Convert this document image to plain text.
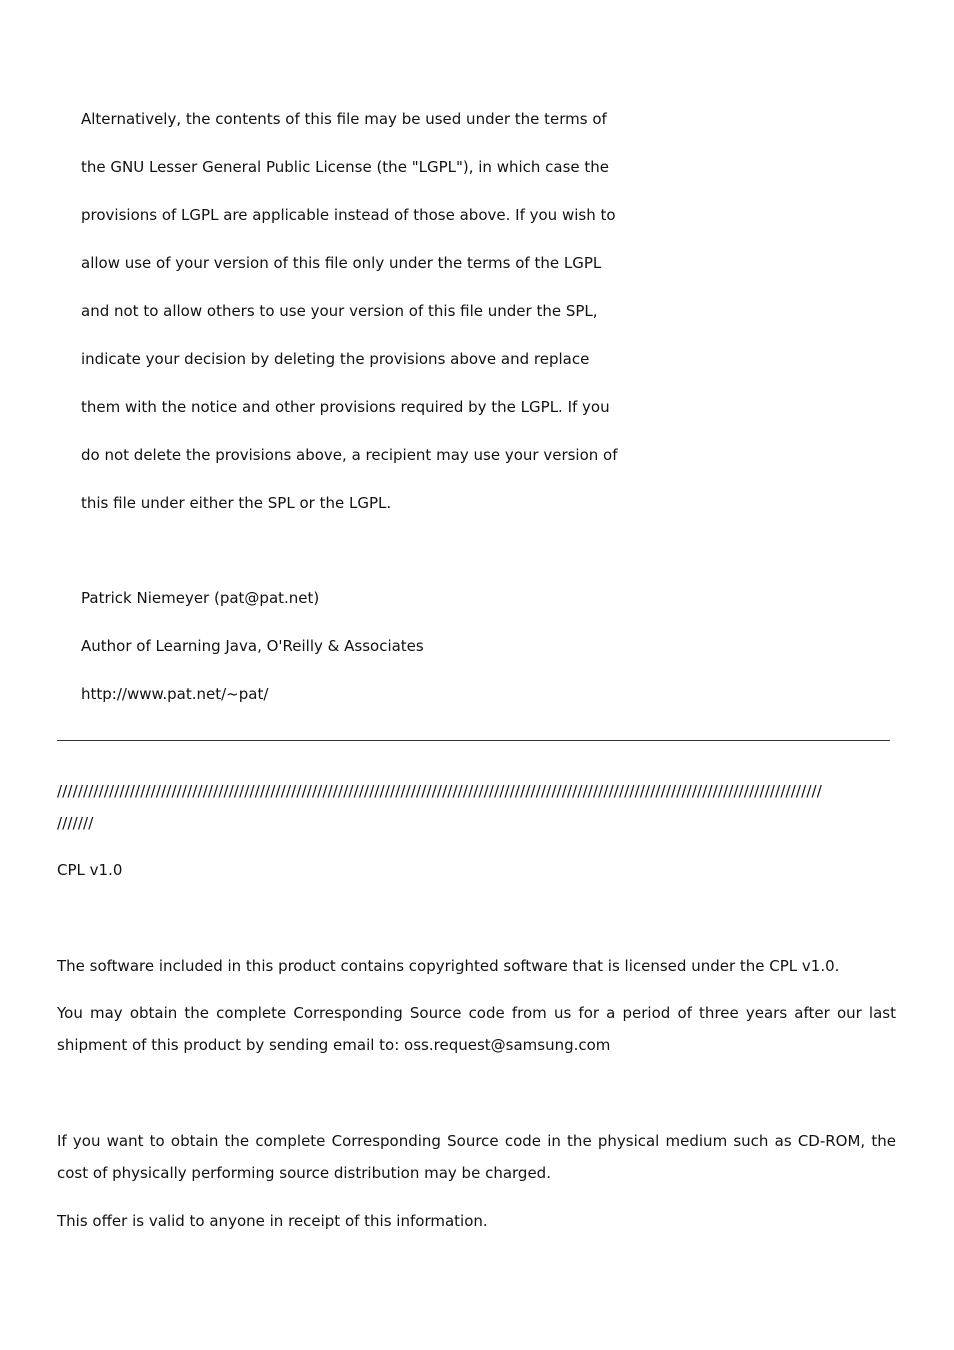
Alternatively, the contents of this file may be used under the terms of
the GNU Lesser General Public License (the "LGPL"), in which case the
provisions of LGPL are applicable instead of those above. If you wish to
allow use of your version of this file only under the terms of the LGPL
and not to allow others to use your version of this file under the SPL,
indicate your decision by deleting the provisions above and replace
them with the notice and other provisions required by the LGPL. If you
do not delete the provisions above, a recipient may use your version of
this file under either the SPL or the LGPL.
Patrick Niemeyer (pat@pat.net)
Author of Learning Java, O'Reilly & Associates
http://www.pat.net/~pat/
///////////////////////////////////////////////////////////////////////////////////////////////////////////////////////////////////////////////////
///////
CPL v1.0
The software included in this product contains copyrighted software that is licensed under the CPL v1.0.
You may obtain the complete Corresponding Source code from us for a period of three years after our last
shipment of this product by sending email to: oss.request@samsung.com
If you want to obtain the complete Corresponding Source code in the physical medium such as CD-ROM, the
cost of physically performing source distribution may be charged.
This offer is valid to anyone in receipt of this information.
